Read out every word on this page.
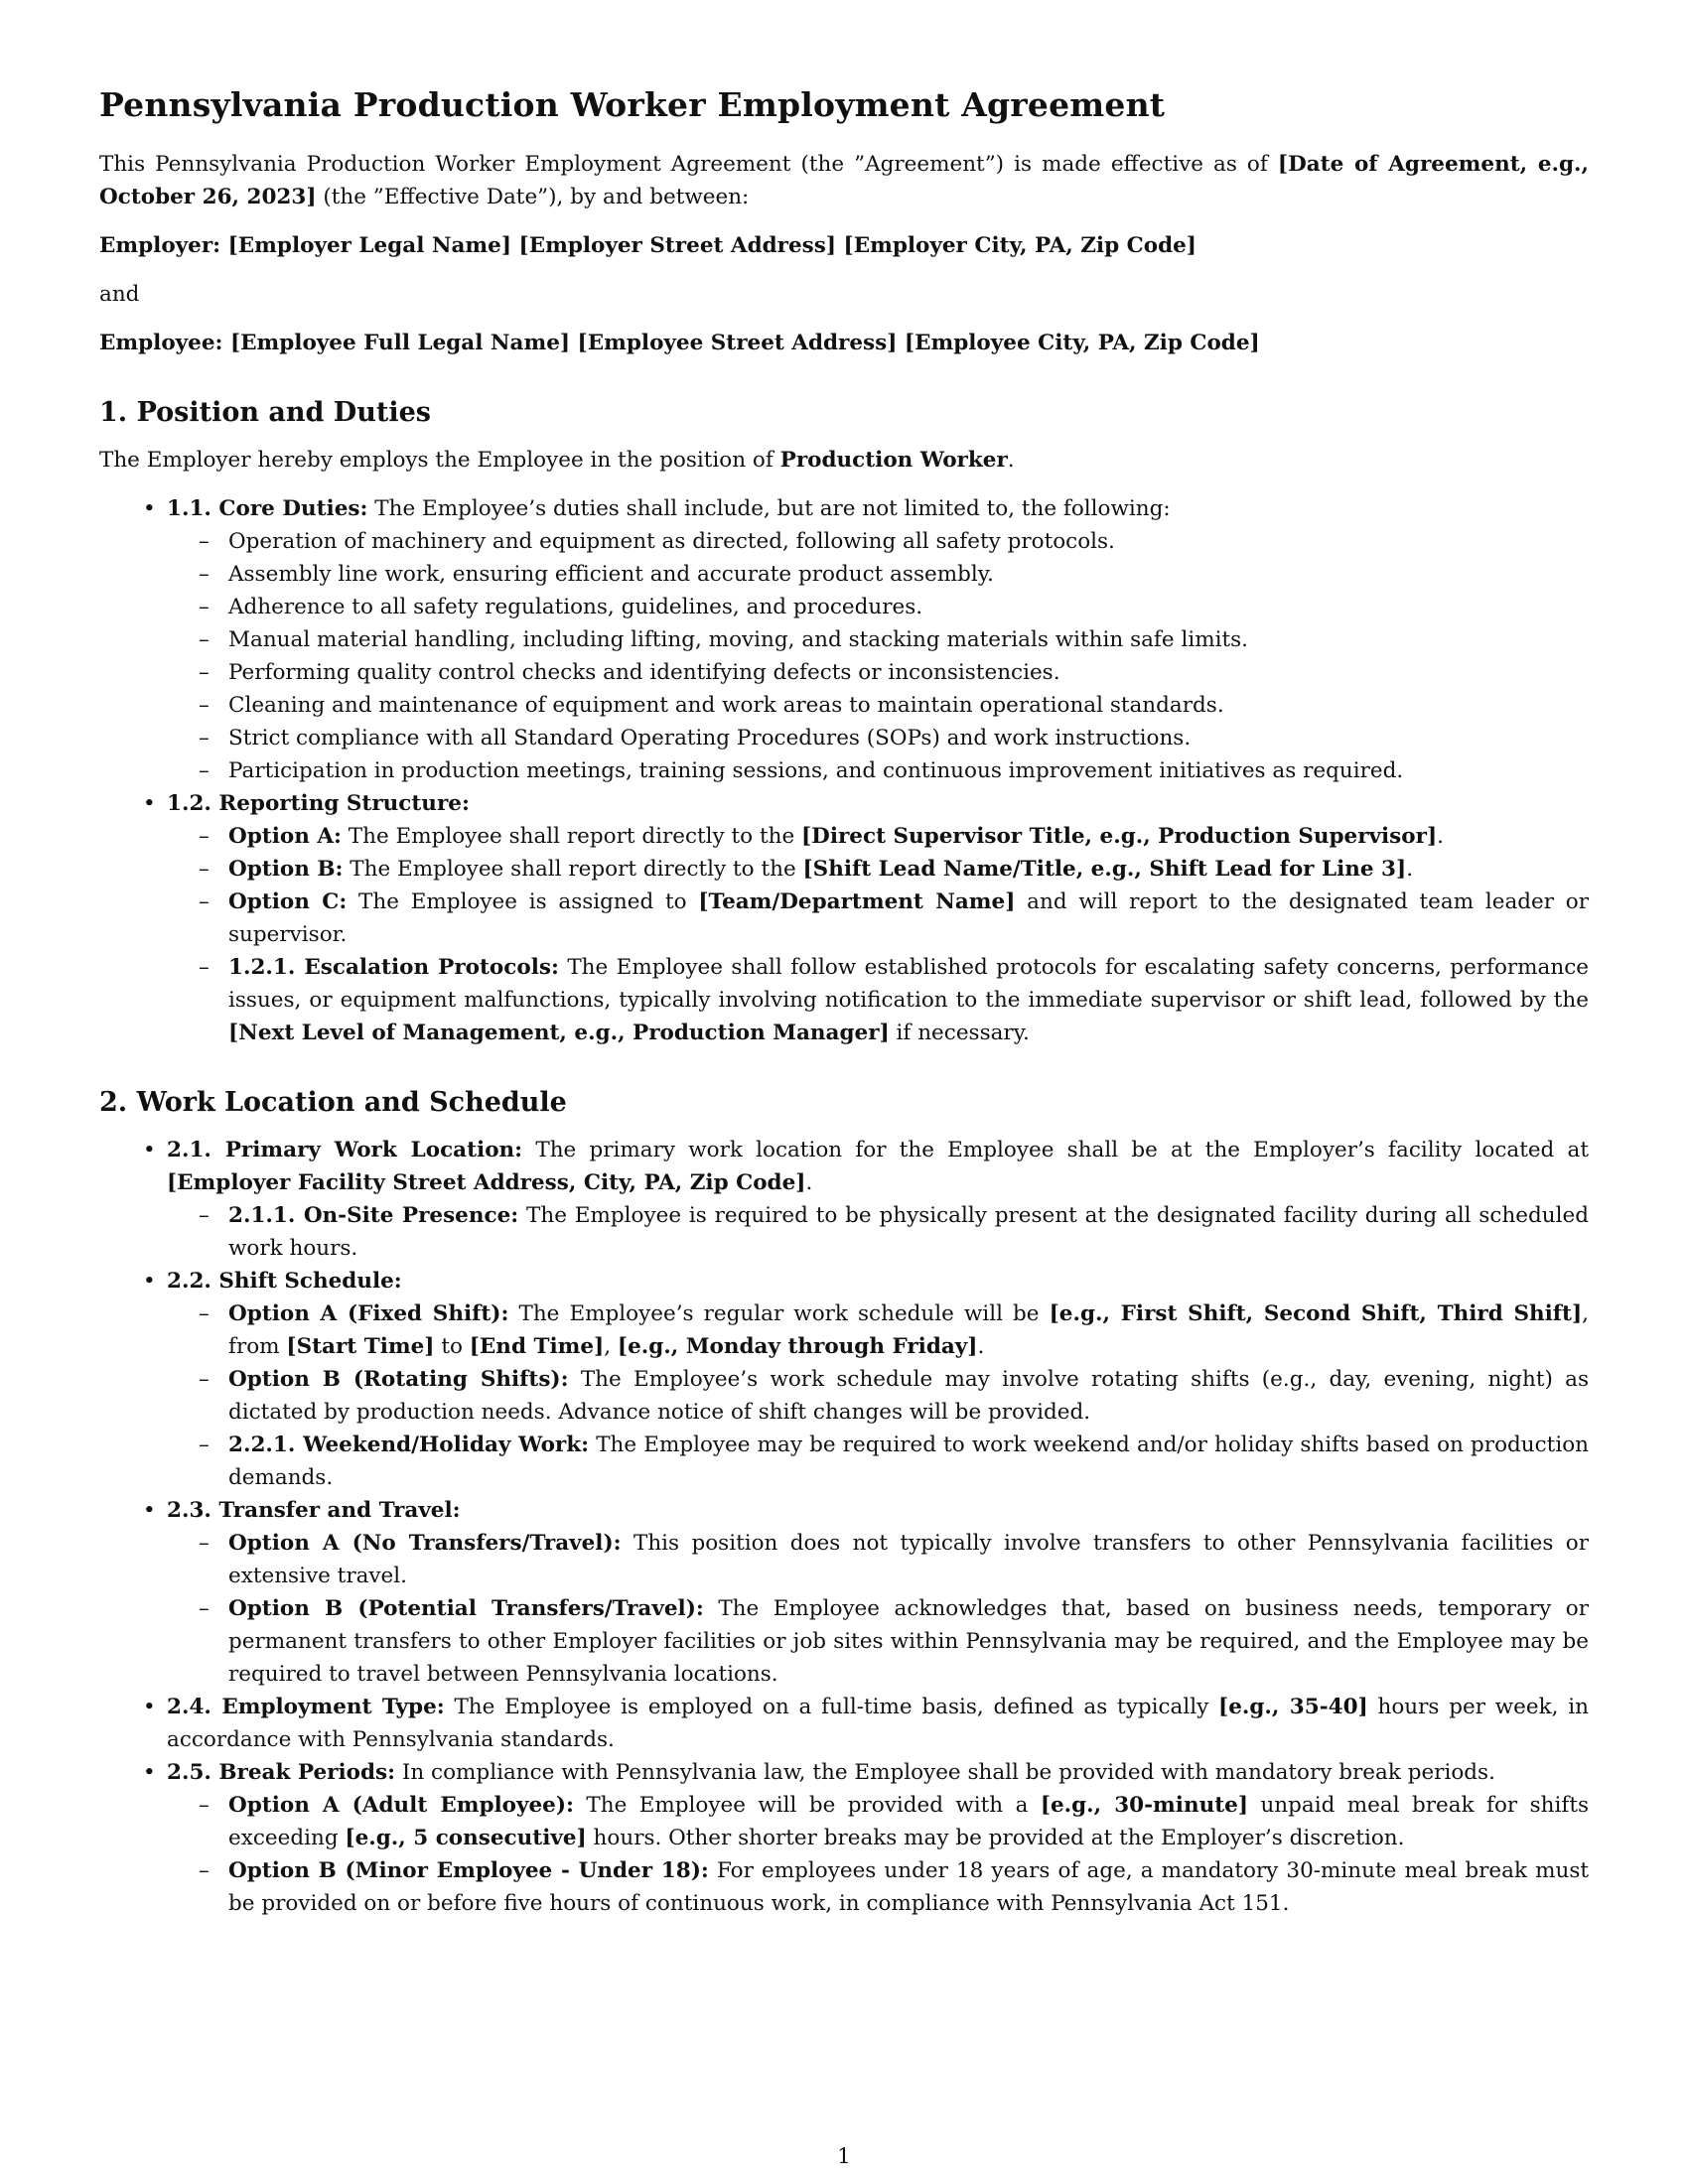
Pennsylvania Production Worker Employment Agreement

This Pennsylvania Production Worker Employment Agreement (the ”Agreement”) is made effective as of [Date of Agreement, e.g., October 26, 2023] (the ”Effective Date”), by and between:

Employer: [Employer Legal Name] [Employer Street Address] [Employer City, PA, Zip Code]

and

Employee: [Employee Full Legal Name] [Employee Street Address] [Employee City, PA, Zip Code]

1. Position and Duties

The Employer hereby employs the Employee in the position of Production Worker.

• 1.1. Core Duties: The Employee’s duties shall include, but are not limited to, the following:
– Operation of machinery and equipment as directed, following all safety protocols.
– Assembly line work, ensuring efficient and accurate product assembly.
– Adherence to all safety regulations, guidelines, and procedures.
– Manual material handling, including lifting, moving, and stacking materials within safe limits.
– Performing quality control checks and identifying defects or inconsistencies.
– Cleaning and maintenance of equipment and work areas to maintain operational standards.
– Strict compliance with all Standard Operating Procedures (SOPs) and work instructions.
– Participation in production meetings, training sessions, and continuous improvement initiatives as required.
• 1.2. Reporting Structure:
– Option A: The Employee shall report directly to the [Direct Supervisor Title, e.g., Production Supervisor].
– Option B: The Employee shall report directly to the [Shift Lead Name/Title, e.g., Shift Lead for Line 3].
– Option C: The Employee is assigned to [Team/Department Name] and will report to the designated team leader or supervisor.
– 1.2.1. Escalation Protocols: The Employee shall follow established protocols for escalating safety concerns, performance issues, or equipment malfunctions, typically involving notification to the immediate supervisor or shift lead, followed by the [Next Level of Management, e.g., Production Manager] if necessary.
2. Work Location and Schedule
• 2.1. Primary Work Location: The primary work location for the Employee shall be at the Employer’s facility located at [Employer Facility Street Address, City, PA, Zip Code].
– 2.1.1. On-Site Presence: The Employee is required to be physically present at the designated facility during all scheduled work hours.
• 2.2. Shift Schedule:
– Option A (Fixed Shift): The Employee’s regular work schedule will be [e.g., First Shift, Second Shift, Third Shift], from [Start Time] to [End Time], [e.g., Monday through Friday].
– Option B (Rotating Shifts): The Employee’s work schedule may involve rotating shifts (e.g., day, evening, night) as dictated by production needs. Advance notice of shift changes will be provided.
– 2.2.1. Weekend/Holiday Work: The Employee may be required to work weekend and/or holiday shifts based on production demands.
• 2.3. Transfer and Travel:
– Option A (No Transfers/Travel): This position does not typically involve transfers to other Pennsylvania facilities or extensive travel.
– Option B (Potential Transfers/Travel): The Employee acknowledges that, based on business needs, temporary or permanent transfers to other Employer facilities or job sites within Pennsylvania may be required, and the Employee may be required to travel between Pennsylvania locations.
• 2.4. Employment Type: The Employee is employed on a full-time basis, defined as typically [e.g., 35-40] hours per week, in accordance with Pennsylvania standards.
• 2.5. Break Periods: In compliance with Pennsylvania law, the Employee shall be provided with mandatory break periods.
– Option A (Adult Employee): The Employee will be provided with a [e.g., 30-minute] unpaid meal break for shifts exceeding [e.g., 5 consecutive] hours. Other shorter breaks may be provided at the Employer’s discretion.
– Option B (Minor Employee - Under 18): For employees under 18 years of age, a mandatory 30-minute meal break must be provided on or before five hours of continuous work, in compliance with Pennsylvania Act 151.
1
